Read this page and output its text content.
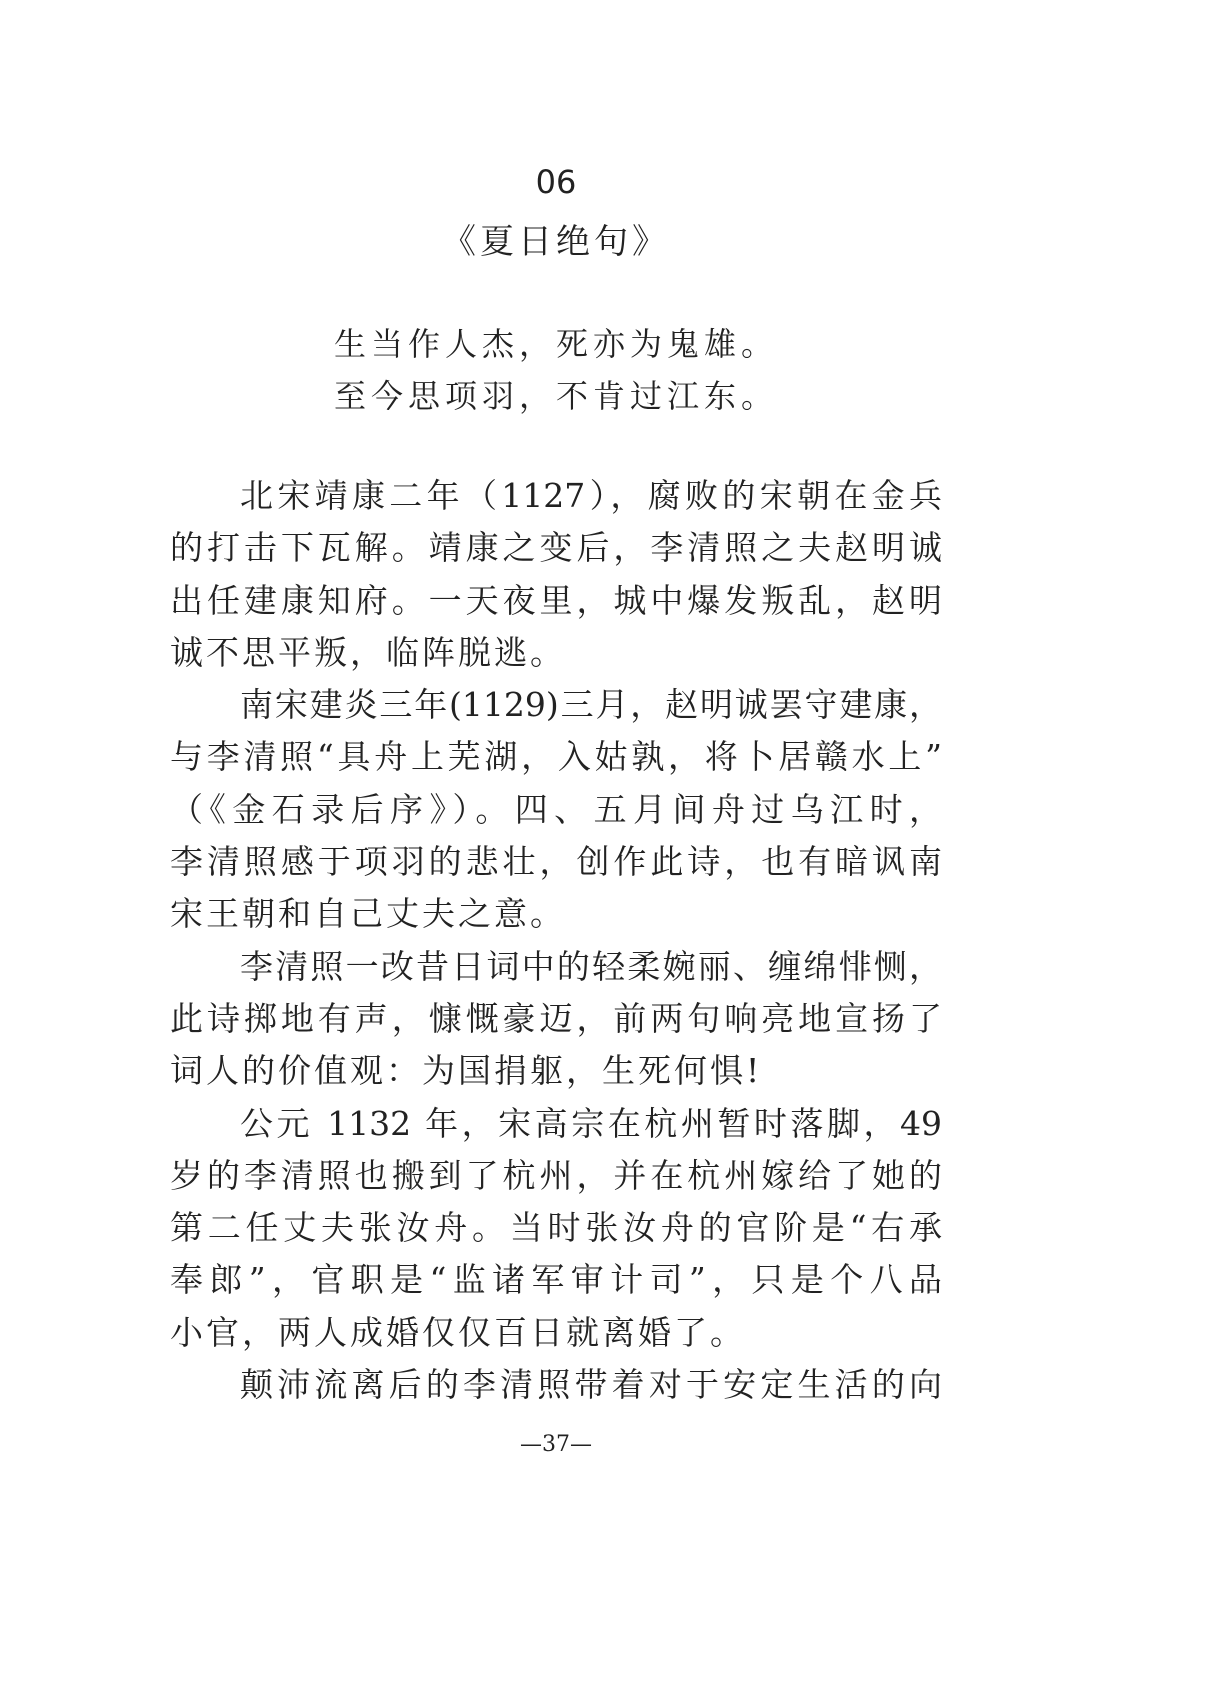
06
《夏日绝句》
生当作人杰，死亦为鬼雄。
至今思项羽，不肯过江东。
北宋靖康二年（1127），腐败的宋朝在金兵
的打击下瓦解。靖康之变后，李清照之夫赵明诚
出任建康知府。一天夜里，城中爆发叛乱，赵明
诚不思平叛，临阵脱逃。
南宋建炎三年(1129)三月，赵明诚罢守建康，
与李清照“具舟上芜湖，入姑孰，将卜居赣水上”
（《金石录后序》）。四、五月间舟过乌江时，
李清照感于项羽的悲壮，创作此诗，也有暗讽南
宋王朝和自己丈夫之意。
李清照一改昔日词中的轻柔婉丽、缠绵悱恻，
此诗掷地有声，慷慨豪迈，前两句响亮地宣扬了
词人的价值观：为国捐躯，生死何惧!
公元 1132 年，宋高宗在杭州暂时落脚，49
岁的李清照也搬到了杭州，并在杭州嫁给了她的
第二任丈夫张汝舟。当时张汝舟的官阶是“右承
奉郎”，官职是“监诸军审计司”，只是个八品
小官，两人成婚仅仅百日就离婚了。
颠沛流离后的李清照带着对于安定生活的向
—37—
